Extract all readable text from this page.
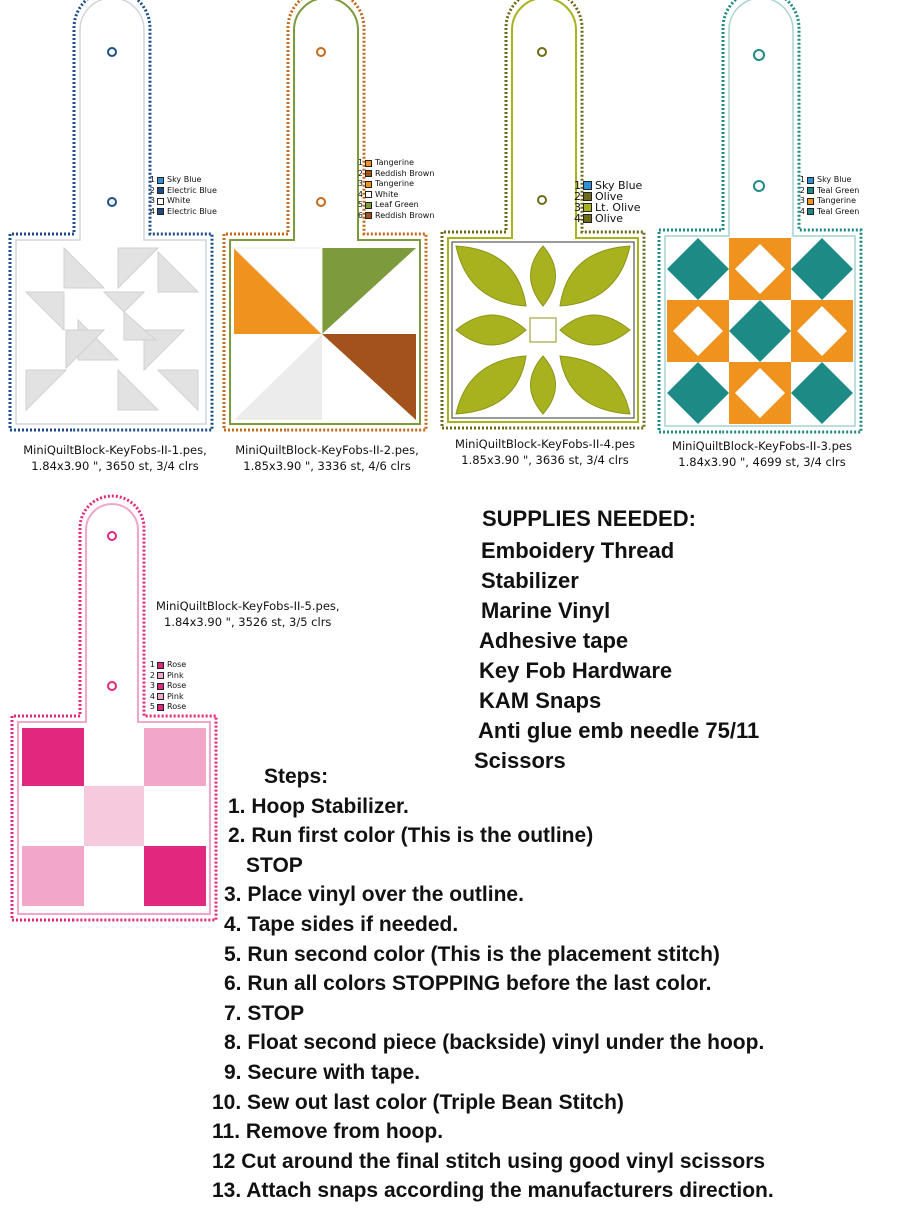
1 Sky Blue
2 Electric Blue
3 White
4 Electric Blue
MiniQuiltBlock-KeyFobs-II-1.pes,
1.84x3.90 ", 3650 st, 3/4 clrs
1 Tangerine
2 Reddish Brown
3 Tangerine
4 White
5 Leaf Green
6 Reddish Brown
MiniQuiltBlock-KeyFobs-II-2.pes,
1.85x3.90 ", 3336 st, 4/6 clrs
1 Sky Blue
2 Olive
3 Lt. Olive
4 Olive
MiniQuiltBlock-KeyFobs-II-4.pes
1.85x3.90 ", 3636 st, 3/4 clrs
1 Sky Blue
2 Teal Green
3 Tangerine
4 Teal Green
MiniQuiltBlock-KeyFobs-II-3.pes
1.84x3.90 ", 4699 st, 3/4 clrs
1 Rose
2 Pink
3 Rose
4 Pink
5 Rose
MiniQuiltBlock-KeyFobs-II-5.pes,
1.84x3.90 ", 3526 st, 3/5 clrs
SUPPLIES NEEDED:
Emboidery Thread
Stabilizer
Marine Vinyl
Adhesive tape
Key Fob Hardware
KAM Snaps
Anti glue emb needle 75/11
Scissors
Steps:
1. Hoop Stabilizer.
2. Run first color (This is the outline)
STOP
3. Place vinyl over the outline.
4. Tape sides if needed.
5. Run second color (This is the placement stitch)
6. Run all colors STOPPING before the last color.
7. STOP
8. Float second piece (backside) vinyl under the hoop.
9. Secure with tape.
10. Sew out last color (Triple Bean Stitch)
11. Remove from hoop.
12 Cut around the final stitch using good vinyl scissors
13. Attach snaps according the manufacturers direction.
